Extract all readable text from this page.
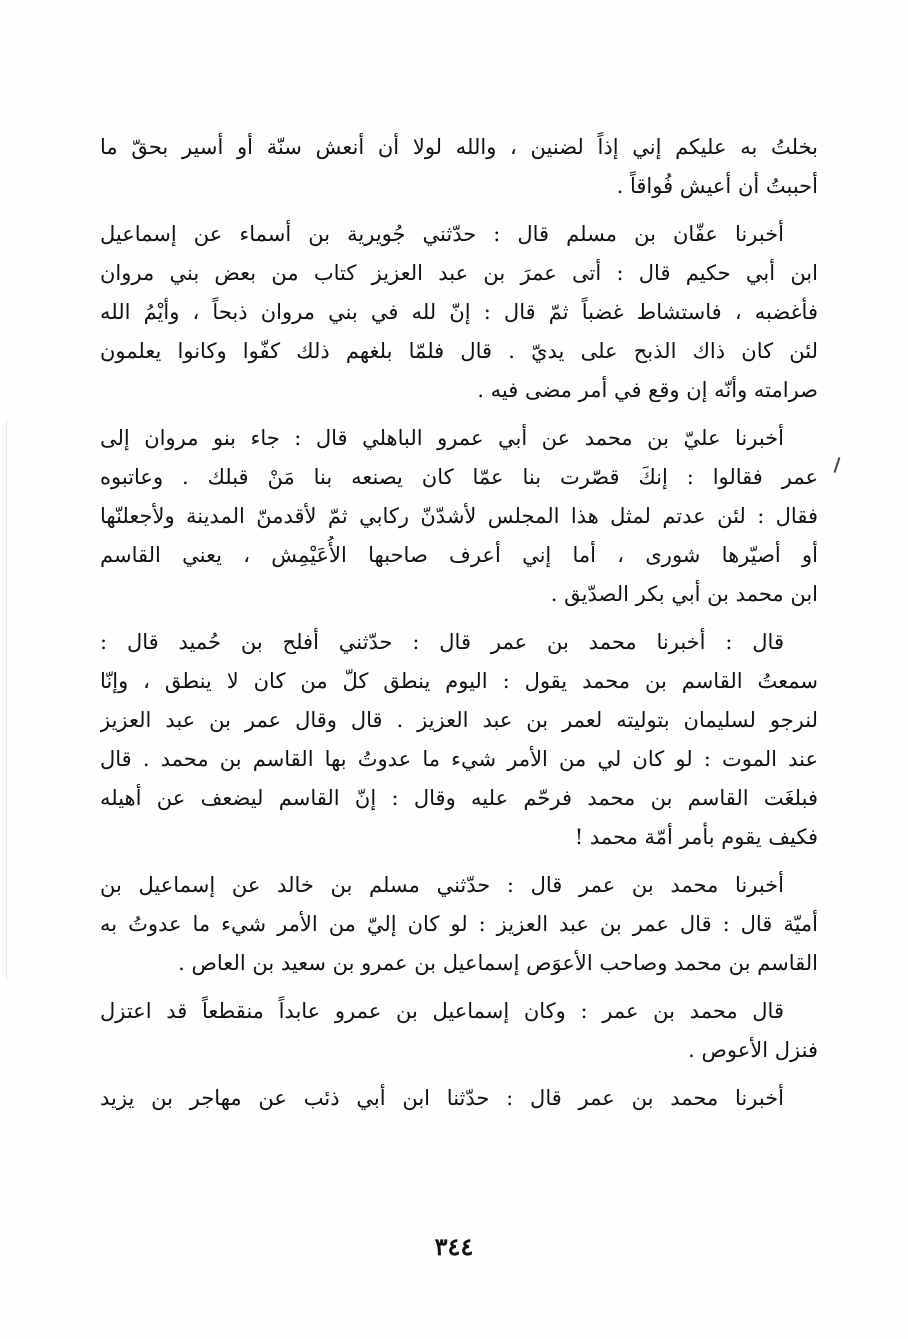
بخلتُ به عليكم إني إذاً لضنين ، والله لولا أن أنعش سنّة أو أسير بحقّ ما
أحببتُ أن أعيش فُواقاً .
أخبرنا عفّان بن مسلم قال : حدّثني جُويرية بن أسماء عن إسماعيل
ابن أبي حكيم قال : أتى عمرَ بن عبد العزيز كتاب من بعض بني مروان
فأغضبه ، فاستشاط غضباً ثمّ قال : إنّ لله في بني مروان ذبحاً ، وأيْمُ الله
لئن كان ذاك الذبح على يديّ . قال فلمّا بلغهم ذلك كفّوا وكانوا يعلمون
صرامته وأنّه إن وقع في أمر مضى فيه .
أخبرنا عليّ بن محمد عن أبي عمرو الباهلي قال : جاء بنو مروان إلى
عمر فقالوا : إنكَ قصّرت بنا عمّا كان يصنعه بنا مَنْ قبلك . وعاتبوه
فقال : لئن عدتم لمثل هذا المجلس لأشدّنّ ركابي ثمّ لأقدمنّ المدينة ولأجعلنّها
أو أصيّرها شورى ، أما إني أعرف صاحبها الأُعَيْمِش ، يعني القاسم
ابن محمد بن أبي بكر الصدّيق .
قال : أخبرنا محمد بن عمر قال : حدّثني أفلح بن حُميد قال :
سمعتُ القاسم بن محمد يقول : اليوم ينطق كلّ من كان لا ينطق ، وإنّا
لنرجو لسليمان بتوليته لعمر بن عبد العزيز . قال وقال عمر بن عبد العزيز
عند الموت : لو كان لي من الأمر شيء ما عدوتُ بها القاسم بن محمد . قال
فبلغَت القاسم بن محمد فرحّم عليه وقال : إنّ القاسم ليضعف عن أهيله
فكيف يقوم بأمر أمّة محمد !
أخبرنا محمد بن عمر قال : حدّثني مسلم بن خالد عن إسماعيل بن
أميّة قال : قال عمر بن عبد العزيز : لو كان إليّ من الأمر شيء ما عدوتُ به
القاسم بن محمد وصاحب الأعوَص إسماعيل بن عمرو بن سعيد بن العاص .
قال محمد بن عمر : وكان إسماعيل بن عمرو عابداً منقطعاً قد اعتزل
فنزل الأعوص .
أخبرنا محمد بن عمر قال : حدّثنا ابن أبي ذئب عن مهاجر بن يزيد
٣٤٤
